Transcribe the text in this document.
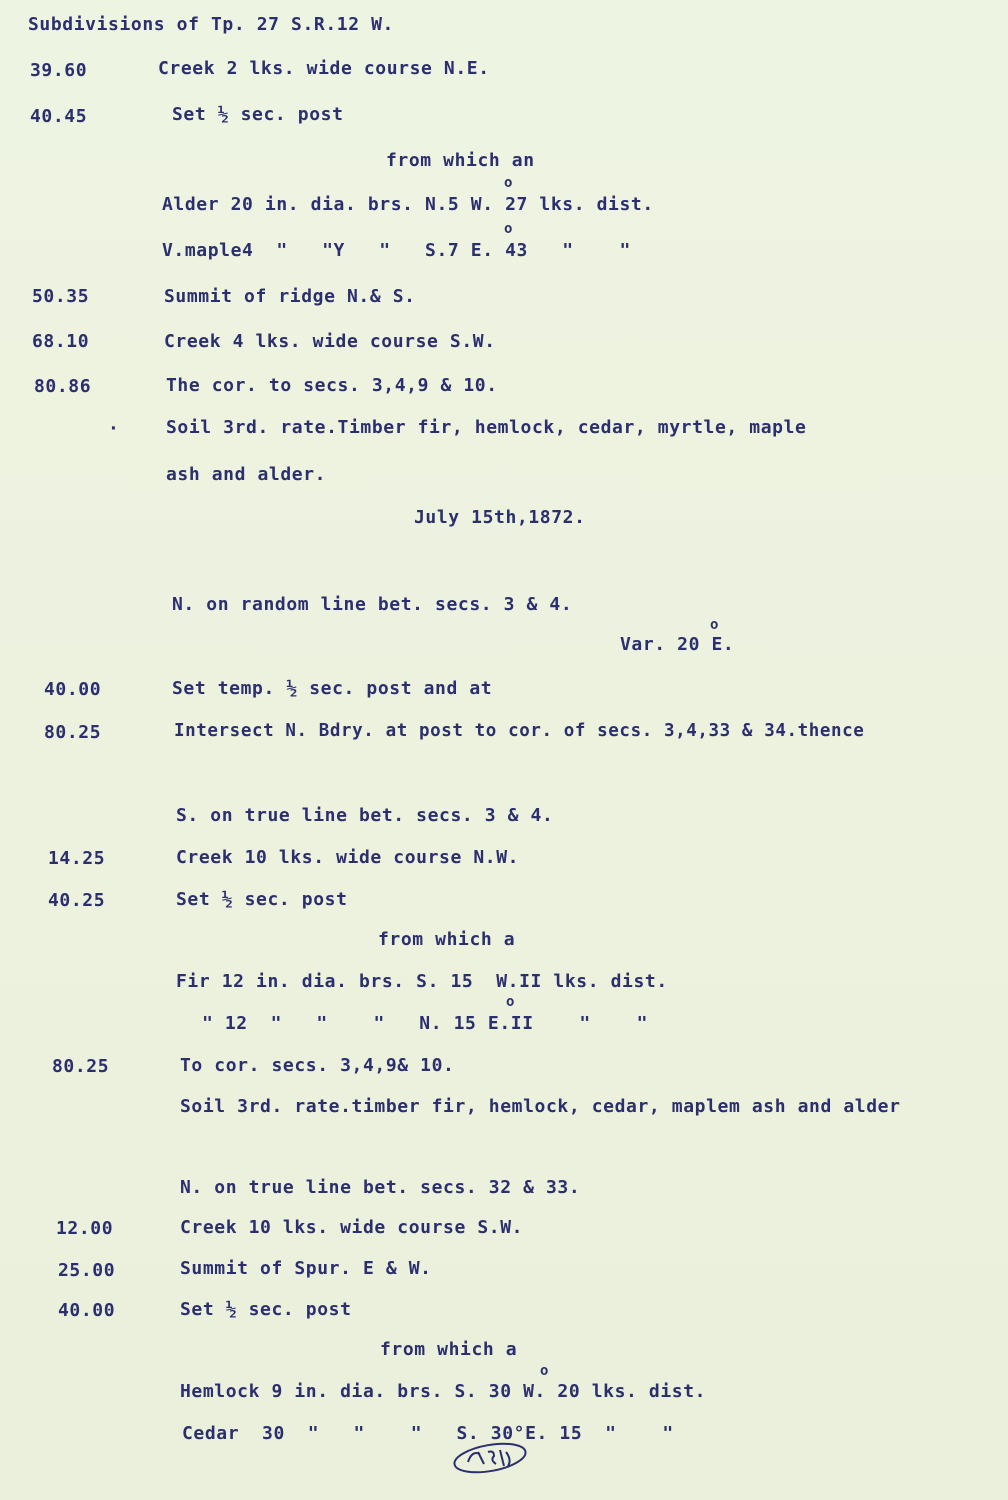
Subdivisions of Tp. 27 S.R.12 W.
39.60	Creek 2 lks. wide course N.E.
40.45	Set ½ sec. post
from which an
o
Alder 20 in. dia. brs. N.5 W. 27 lks. dist.
o
V.maple4  "   "Y   "   S.7 E. 43   "    "
50.35	Summit of ridge N.& S.
68.10	Creek 4 lks. wide course S.W.
80.86	The cor. to secs. 3,4,9 & 10.
·	Soil 3rd. rate.Timber fir, hemlock, cedar, myrtle, maple
ash and alder.
July 15th,1872.
N. on random line bet. secs. 3 & 4.
o
Var. 20 E.
40.00	Set temp. ½ sec. post and at
80.25	Intersect N. Bdry. at post to cor. of secs. 3,4,33 & 34.thence
S. on true line bet. secs. 3 & 4.
14.25	Creek 10 lks. wide course N.W.
40.25	Set ½ sec. post
from which a
o
Fir 12 in. dia. brs. S. 15  W.II lks. dist.
" 12  "   "    "   N. 15 E.II    "    "
80.25	To cor. secs. 3,4,9& 10.
Soil 3rd. rate.timber fir, hemlock, cedar, maplem ash and alder
N. on true line bet. secs. 32 & 33.
12.00	Creek 10 lks. wide course S.W.
25.00	Summit of Spur. E & W.
40.00	Set ½ sec. post
from which a
o
Hemlock 9 in. dia. brs. S. 30 W. 20 lks. dist.
Cedar  30  "   "    "   S. 30°E. 15  "    "
